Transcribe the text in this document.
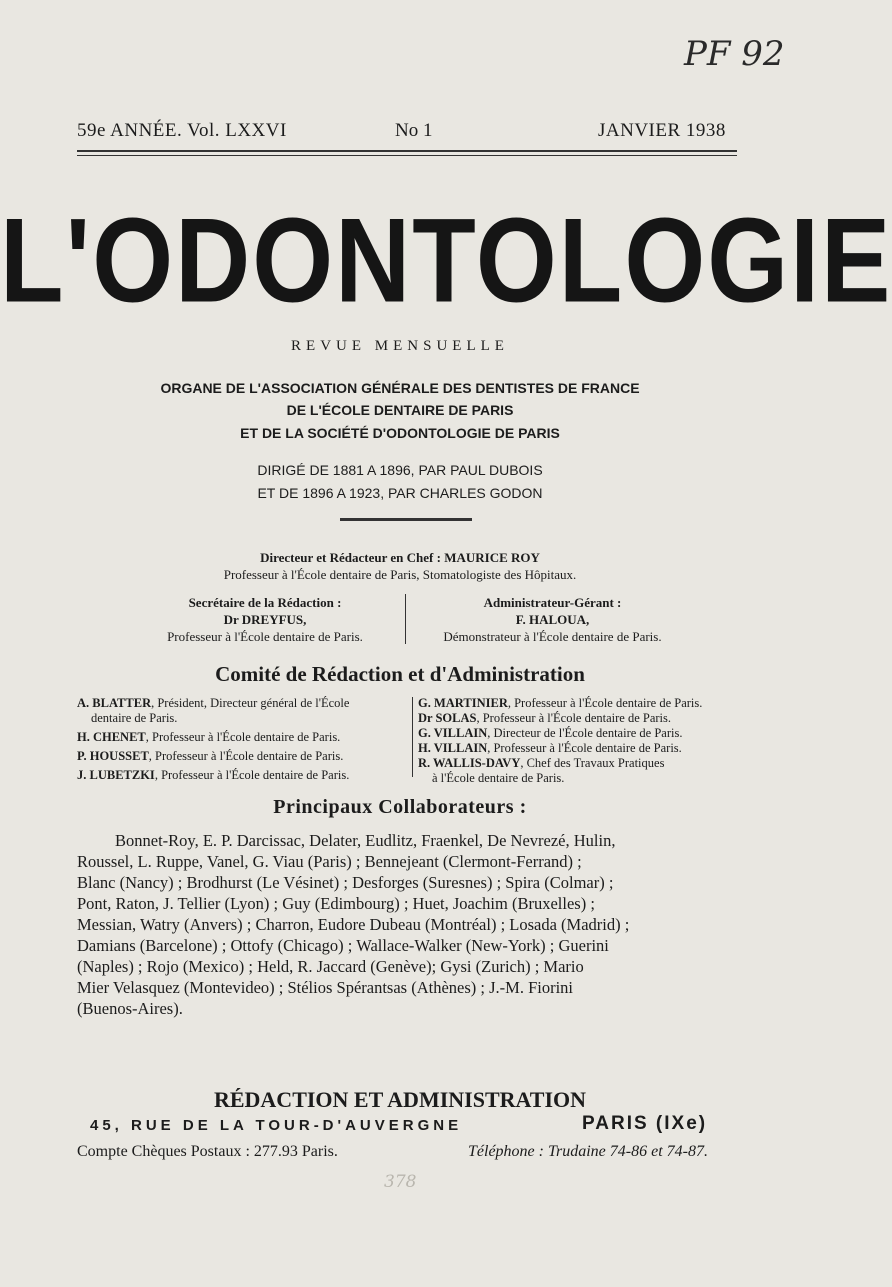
PF 92
59e ANNÉE. Vol. LXXVI	No 1	JANVIER 1938
L'ODONTOLOGIE
REVUE MENSUELLE
ORGANE DE L'ASSOCIATION GÉNÉRALE DES DENTISTES DE FRANCE
DE L'ÉCOLE DENTAIRE DE PARIS
ET DE LA SOCIÉTÉ D'ODONTOLOGIE DE PARIS
DIRIGÉ DE 1881 A 1896, PAR PAUL DUBOIS
ET DE 1896 A 1923, PAR CHARLES GODON
Directeur et Rédacteur en Chef : MAURICE ROY
Professeur à l'École dentaire de Paris, Stomatologiste des Hôpitaux.
Secrétaire de la Rédaction :
Dr DREYFUS,
Professeur à l'École dentaire de Paris.
Administrateur-Gérant :
F. HALOUA,
Démonstrateur à l'École dentaire de Paris.
Comité de Rédaction et d'Administration
A. BLATTER, Président, Directeur général de l'École
dentaire de Paris.
H. CHENET, Professeur à l'École dentaire de Paris.
P. HOUSSET, Professeur à l'École dentaire de Paris.
J. LUBETZKI, Professeur à l'École dentaire de Paris.
G. MARTINIER, Professeur à l'École dentaire de Paris.
Dr SOLAS, Professeur à l'École dentaire de Paris.
G. VILLAIN, Directeur de l'École dentaire de Paris.
H. VILLAIN, Professeur à l'École dentaire de Paris.
R. WALLIS-DAVY, Chef des Travaux Pratiques
à l'École dentaire de Paris.
Principaux Collaborateurs :
Bonnet-Roy, E. P. Darcissac, Delater, Eudlitz, Fraenkel, De Nevrezé, Hulin,
Roussel, L. Ruppe, Vanel, G. Viau (Paris) ; Bennejeant (Clermont-Ferrand) ;
Blanc (Nancy) ; Brodhurst (Le Vésinet) ; Desforges (Suresnes) ; Spira (Colmar) ;
Pont, Raton, J. Tellier (Lyon) ; Guy (Edimbourg) ; Huet, Joachim (Bruxelles) ;
Messian, Watry (Anvers) ; Charron, Eudore Dubeau (Montréal) ; Losada (Madrid) ;
Damians (Barcelone) ; Ottofy (Chicago) ; Wallace-Walker (New-York) ; Guerini
(Naples) ; Rojo (Mexico) ; Held, R. Jaccard (Genève); Gysi (Zurich) ; Mario
Mier Velasquez (Montevideo) ; Stélios Spérantsas (Athènes) ; J.-M. Fiorini
(Buenos-Aires).
RÉDACTION ET ADMINISTRATION
45, RUE DE LA TOUR-D'AUVERGNE	PARIS (IXe)
Compte Chèques Postaux : 277.93 Paris.	Téléphone : Trudaine 74-86 et 74-87.
378
